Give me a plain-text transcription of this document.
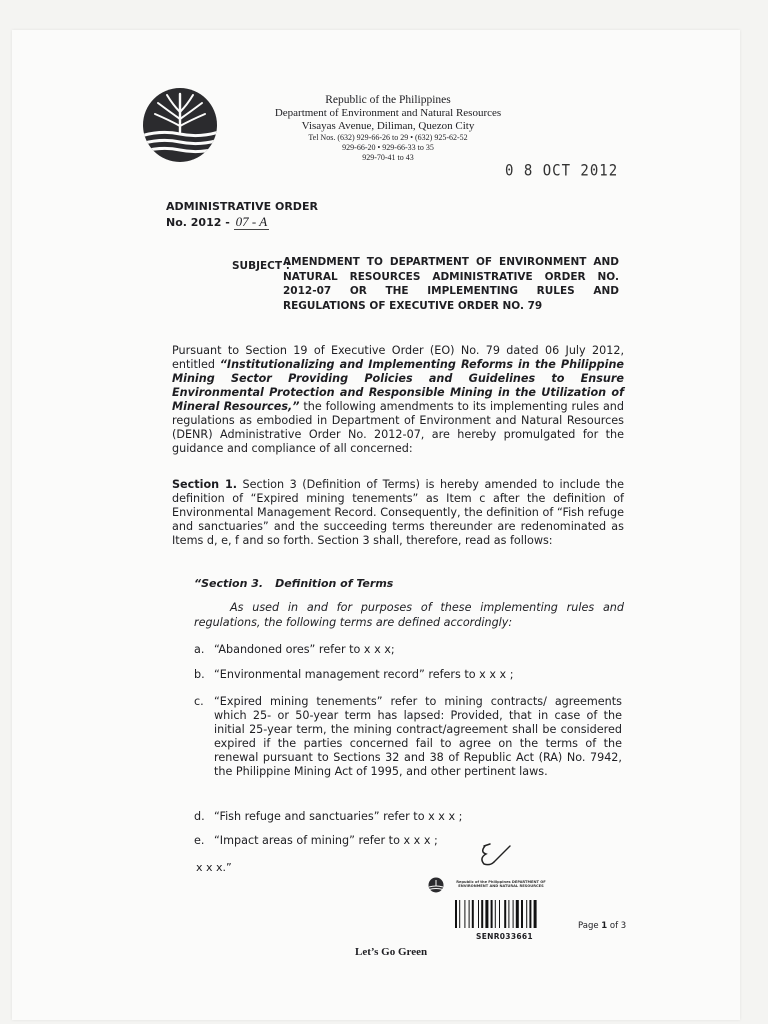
Republic of the Philippines
Department of Environment and Natural Resources
Visayas Avenue, Diliman, Quezon City
Tel Nos. (632) 929-66-26 to 29 • (632) 925-62-52
929-66-20 • 929-66-33 to 35
929-70-41 to 43
0 8 OCT 2012
ADMINISTRATIVE ORDER
No. 2012 - 07 - A
SUBJECT :
AMENDMENT TO DEPARTMENT OF ENVIRONMENT AND NATURAL RESOURCES ADMINISTRATIVE ORDER NO. 2012-07 OR THE IMPLEMENTING RULES AND REGULATIONS OF EXECUTIVE ORDER NO. 79
Pursuant to Section 19 of Executive Order (EO) No. 79 dated 06 July 2012, entitled “Institutionalizing and Implementing Reforms in the Philippine Mining Sector Providing Policies and Guidelines to Ensure Environmental Protection and Responsible Mining in the Utilization of Mineral Resources,” the following amendments to its implementing rules and regulations as embodied in Department of Environment and Natural Resources (DENR) Administrative Order No. 2012-07, are hereby promulgated for the guidance and compliance of all concerned:
Section 1. Section 3 (Definition of Terms) is hereby amended to include the definition of “Expired mining tenements” as Item c after the definition of Environmental Management Record. Consequently, the definition of “Fish refuge and sanctuaries” and the succeeding terms thereunder are redenominated as Items d, e, f and so forth. Section 3 shall, therefore, read as follows:
“Section 3. Definition of Terms
As used in and for purposes of these implementing rules and regulations, the following terms are defined accordingly:
a. “Abandoned ores” refer to x x x;
b. “Environmental management record” refers to x x x ;
c. “Expired mining tenements” refer to mining contracts/ agreements which 25- or 50-year term has lapsed: Provided, that in case of the initial 25-year term, the mining contract/agreement shall be considered expired if the parties concerned fail to agree on the terms of the renewal pursuant to Sections 32 and 38 of Republic Act (RA) No. 7942, the Philippine Mining Act of 1995, and other pertinent laws.
d. “Fish refuge and sanctuaries” refer to x x x ;
e. “Impact areas of mining” refer to x x x ;
x x x.”
Republic of the Philippines DEPARTMENT OF ENVIRONMENT AND NATURAL RESOURCES
SENR033661
Page 1 of 3
Let’s Go Green
